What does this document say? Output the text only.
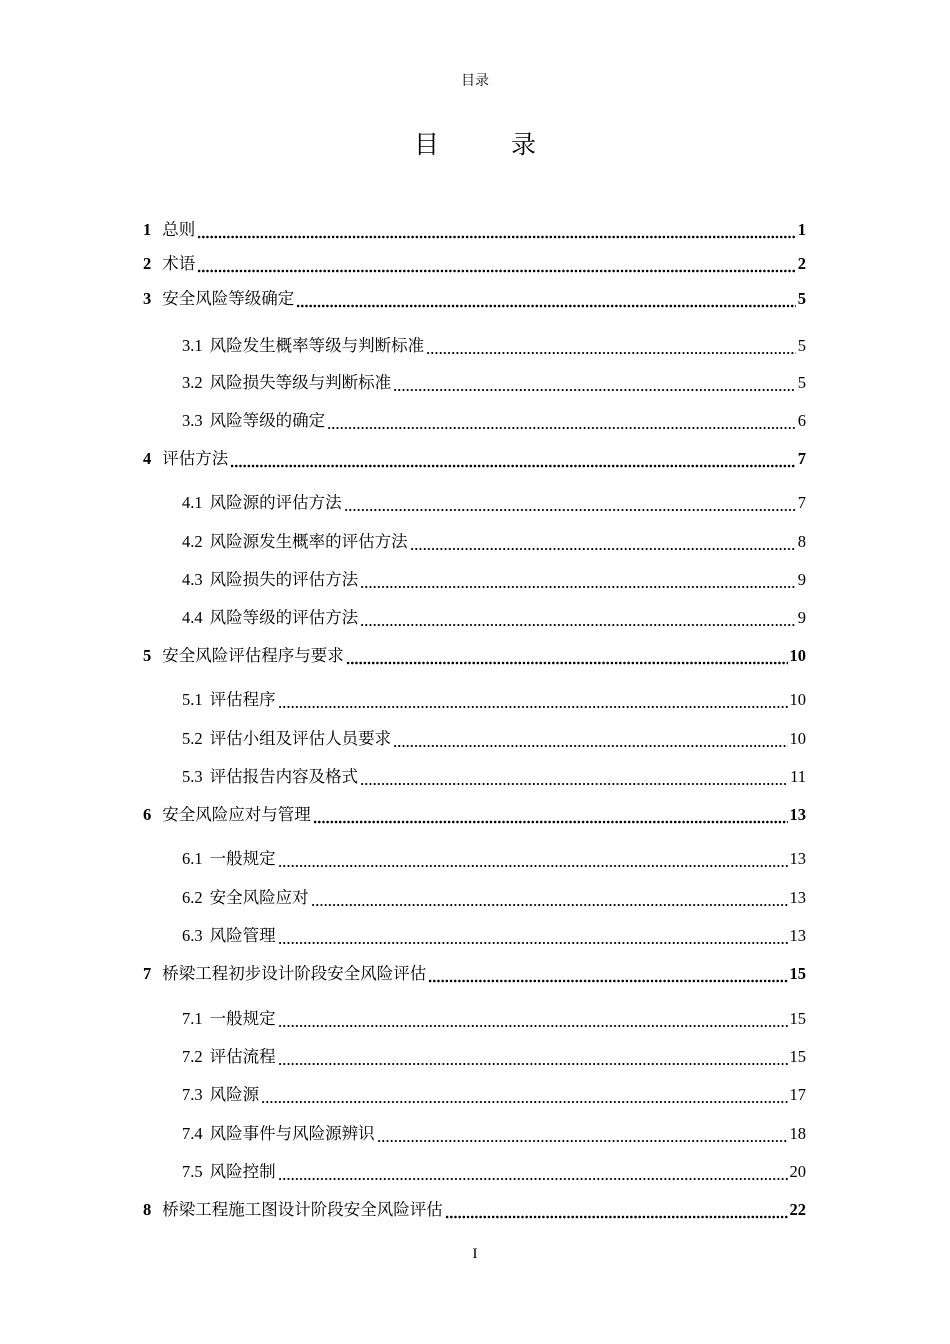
目录
目 录
1 总则	1
2 术语	2
3 安全风险等级确定	5
3.1 风险发生概率等级与判断标准	5
3.2 风险损失等级与判断标准	5
3.3 风险等级的确定	6
4 评估方法	7
4.1 风险源的评估方法	7
4.2 风险源发生概率的评估方法	8
4.3 风险损失的评估方法	9
4.4 风险等级的评估方法	9
5 安全风险评估程序与要求	10
5.1 评估程序	10
5.2 评估小组及评估人员要求	10
5.3 评估报告内容及格式	11
6 安全风险应对与管理	13
6.1 一般规定	13
6.2 安全风险应对	13
6.3 风险管理	13
7 桥梁工程初步设计阶段安全风险评估	15
7.1 一般规定	15
7.2 评估流程	15
7.3 风险源	17
7.4 风险事件与风险源辨识	18
7.5 风险控制	20
8 桥梁工程施工图设计阶段安全风险评估	22
I
